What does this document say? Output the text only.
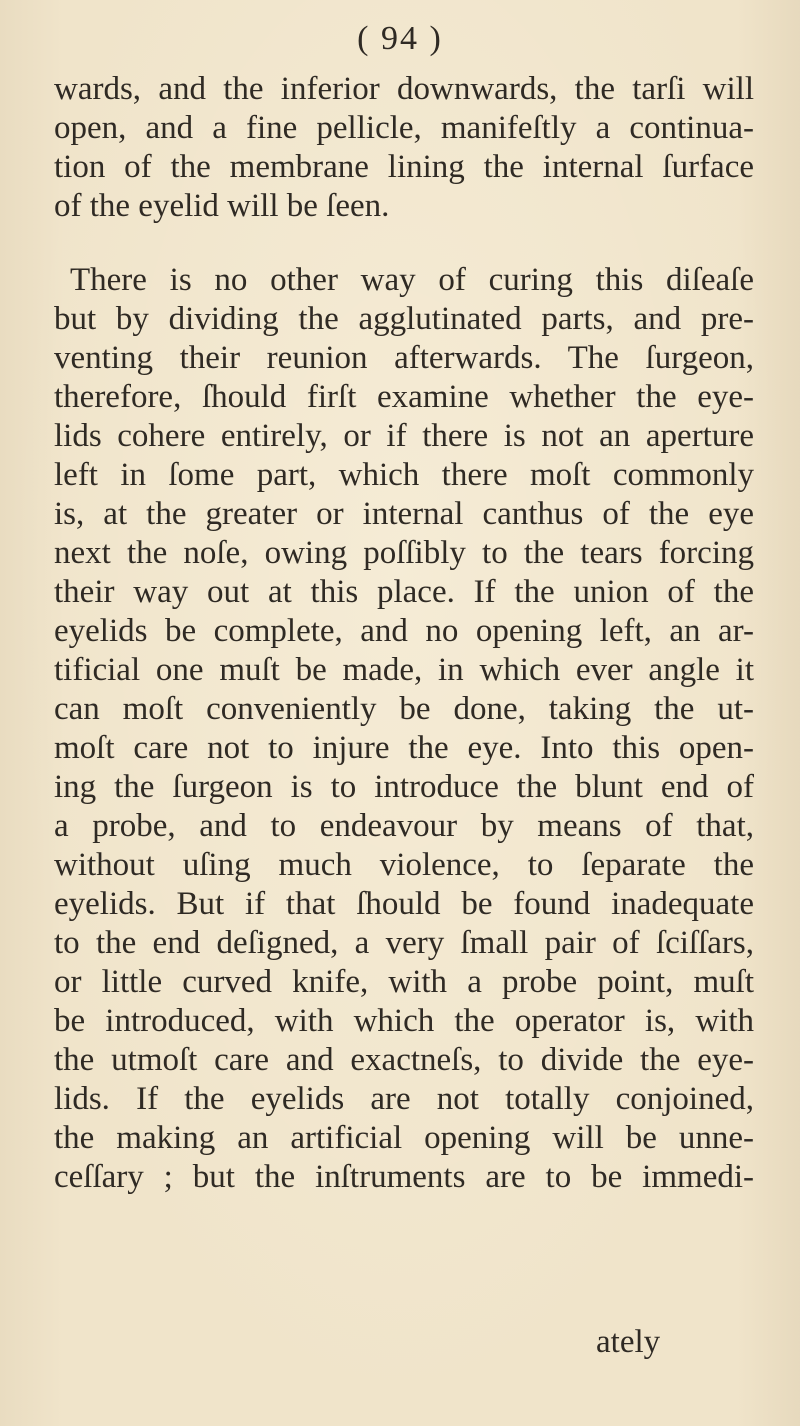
( 94 )
wards, and the inferior downwards, the tarſi will
open, and a fine pellicle, manifeſtly a continua-
tion of the membrane lining the internal ſurface
of the eyelid will be ſeen.
There is no other way of curing this diſeaſe
but by dividing the agglutinated parts, and pre-
venting their reunion afterwards. The ſurgeon,
therefore, ſhould firſt examine whether the eye-
lids cohere entirely, or if there is not an aperture
left in ſome part, which there moſt commonly
is, at the greater or internal canthus of the eye
next the noſe, owing poſſibly to the tears forcing
their way out at this place. If the union of the
eyelids be complete, and no opening left, an ar-
tificial one muſt be made, in which ever angle it
can moſt conveniently be done, taking the ut-
moſt care not to injure the eye. Into this open-
ing the ſurgeon is to introduce the blunt end of
a probe, and to endeavour by means of that,
without uſing much violence, to ſeparate the
eyelids. But if that ſhould be found inadequate
to the end deſigned, a very ſmall pair of ſciſſars,
or little curved knife, with a probe point, muſt
be introduced, with which the operator is, with
the utmoſt care and exactneſs, to divide the eye-
lids. If the eyelids are not totally conjoined,
the making an artificial opening will be unne-
ceſſary ; but the inſtruments are to be immedi-
ately
